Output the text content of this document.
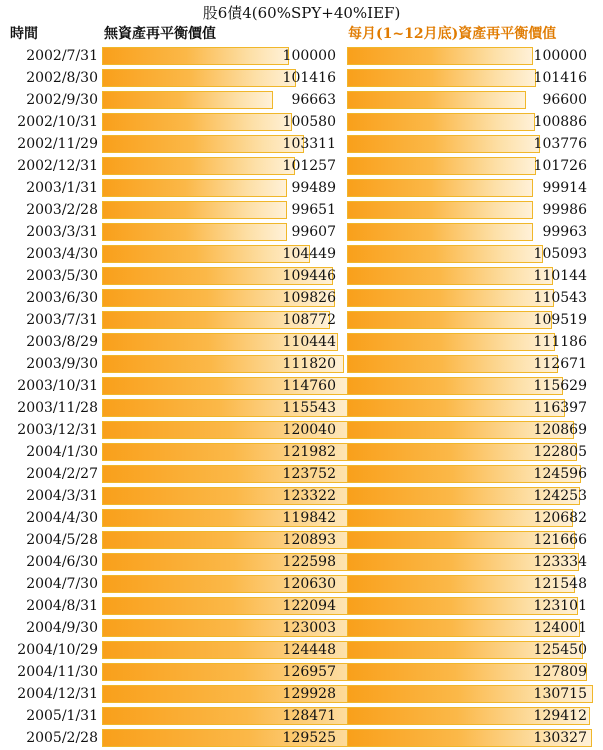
股6債4(60%SPY+40%IEF)
時間	無資產再平衡價值	每月(1~12月底)資產再平衡價值
2002/7/31	100000	100000
2002/8/30	101416	101416
2002/9/30	96663	96600
2002/10/31	100580	100886
2002/11/29	103311	103776
2002/12/31	101257	101726
2003/1/31	99489	99914
2003/2/28	99651	99986
2003/3/31	99607	99963
2003/4/30	104449	105093
2003/5/30	109446	110144
2003/6/30	109826	110543
2003/7/31	108772	109519
2003/8/29	110444	111186
2003/9/30	111820	112671
2003/10/31	114760	115629
2003/11/28	115543	116397
2003/12/31	120040	120869
2004/1/30	121982	122805
2004/2/27	123752	124596
2004/3/31	123322	124253
2004/4/30	119842	120682
2004/5/28	120893	121666
2004/6/30	122598	123334
2004/7/30	120630	121548
2004/8/31	122094	123101
2004/9/30	123003	124001
2004/10/29	124448	125450
2004/11/30	126957	127809
2004/12/31	129928	130715
2005/1/31	128471	129412
2005/2/28	129525	130327
